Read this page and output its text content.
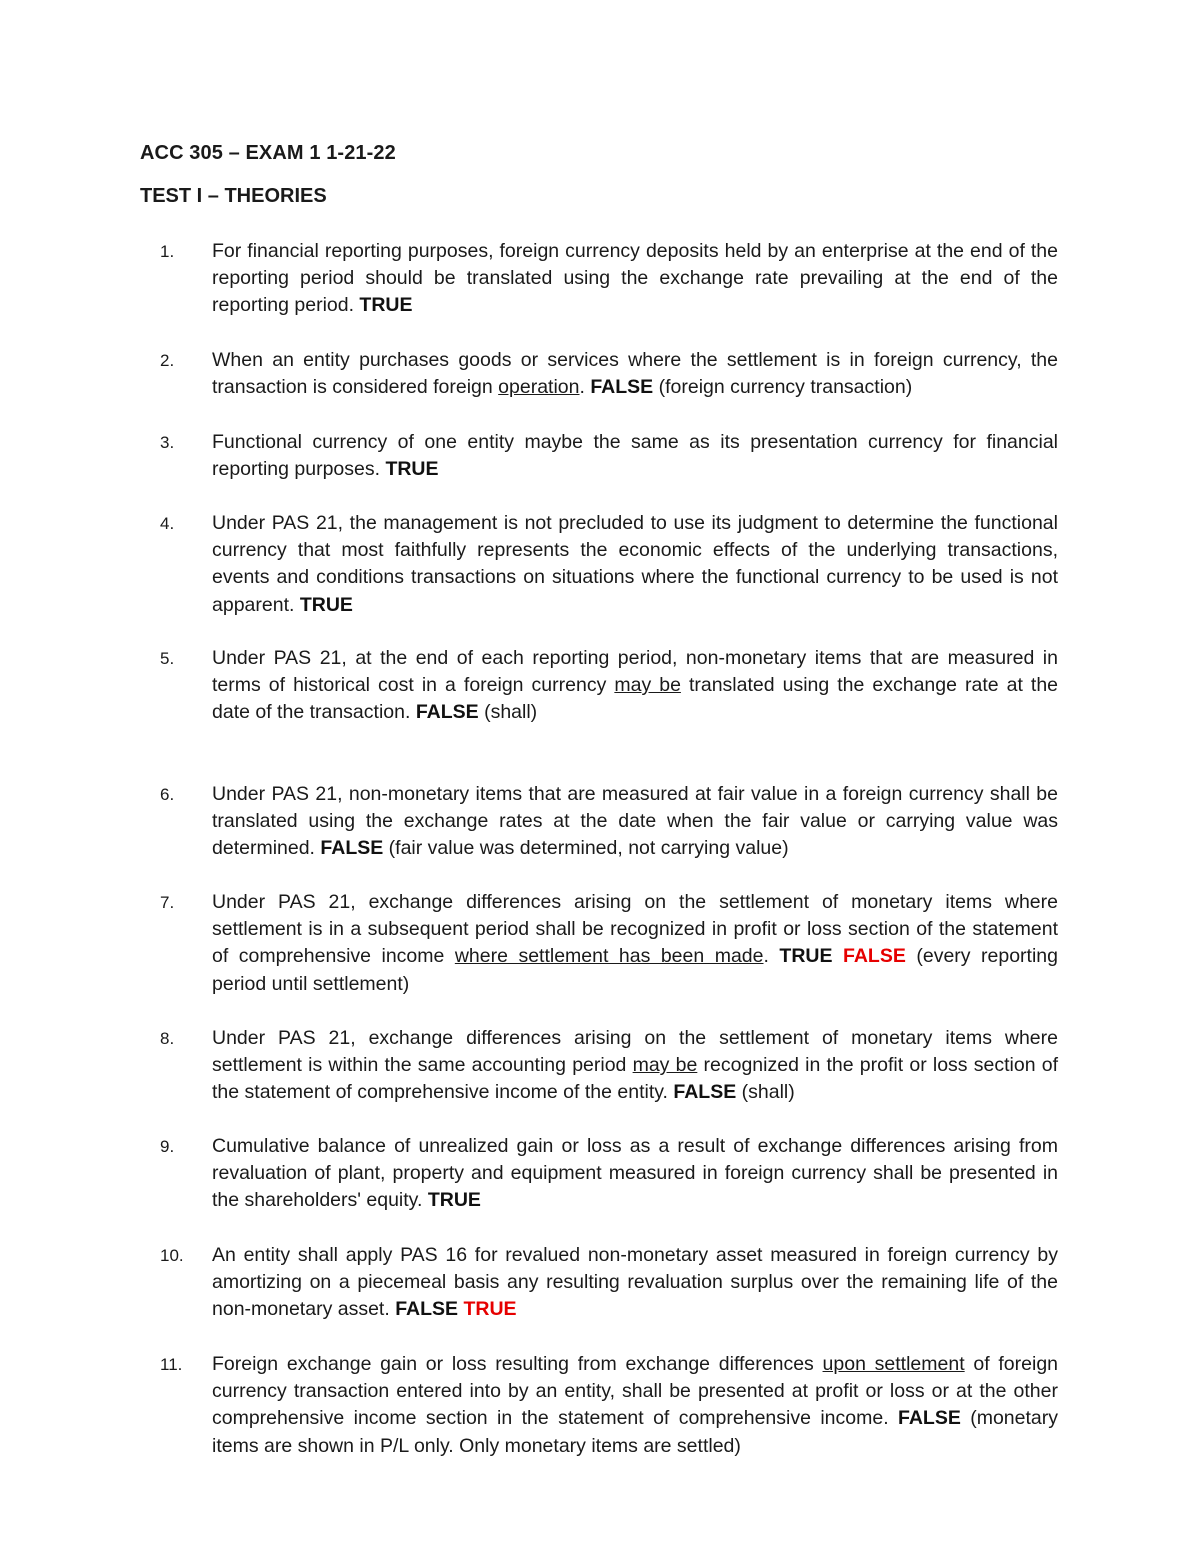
ACC 305 – EXAM 1 1-21-22
TEST I – THEORIES
1.	For financial reporting purposes, foreign currency deposits held by an enterprise at the end of the reporting period should be translated using the exchange rate prevailing at the end of the reporting period. TRUE
2.	When an entity purchases goods or services where the settlement is in foreign currency, the transaction is considered foreign operation. FALSE (foreign currency transaction)
3.	Functional currency of one entity maybe the same as its presentation currency for financial reporting purposes. TRUE
4.	Under PAS 21, the management is not precluded to use its judgment to determine the functional currency that most faithfully represents the economic effects of the underlying transactions, events and conditions transactions on situations where the functional currency to be used is not apparent. TRUE
5.	Under PAS 21, at the end of each reporting period, non-monetary items that are measured in terms of historical cost in a foreign currency may be translated using the exchange rate at the date of the transaction. FALSE (shall)
6.	Under PAS 21, non-monetary items that are measured at fair value in a foreign currency shall be translated using the exchange rates at the date when the fair value or carrying value was determined. FALSE (fair value was determined, not carrying value)
7.	Under PAS 21, exchange differences arising on the settlement of monetary items where settlement is in a subsequent period shall be recognized in profit or loss section of the statement of comprehensive income where settlement has been made. TRUE FALSE (every reporting period until settlement)
8.	Under PAS 21, exchange differences arising on the settlement of monetary items where settlement is within the same accounting period may be recognized in the profit or loss section of the statement of comprehensive income of the entity. FALSE (shall)
9.	Cumulative balance of unrealized gain or loss as a result of exchange differences arising from revaluation of plant, property and equipment measured in foreign currency shall be presented in the shareholders' equity. TRUE
10.	An entity shall apply PAS 16 for revalued non-monetary asset measured in foreign currency by amortizing on a piecemeal basis any resulting revaluation surplus over the remaining life of the non-monetary asset. FALSE TRUE
11.	Foreign exchange gain or loss resulting from exchange differences upon settlement of foreign currency transaction entered into by an entity, shall be presented at profit or loss or at the other comprehensive income section in the statement of comprehensive income. FALSE (monetary items are shown in P/L only. Only monetary items are settled)
